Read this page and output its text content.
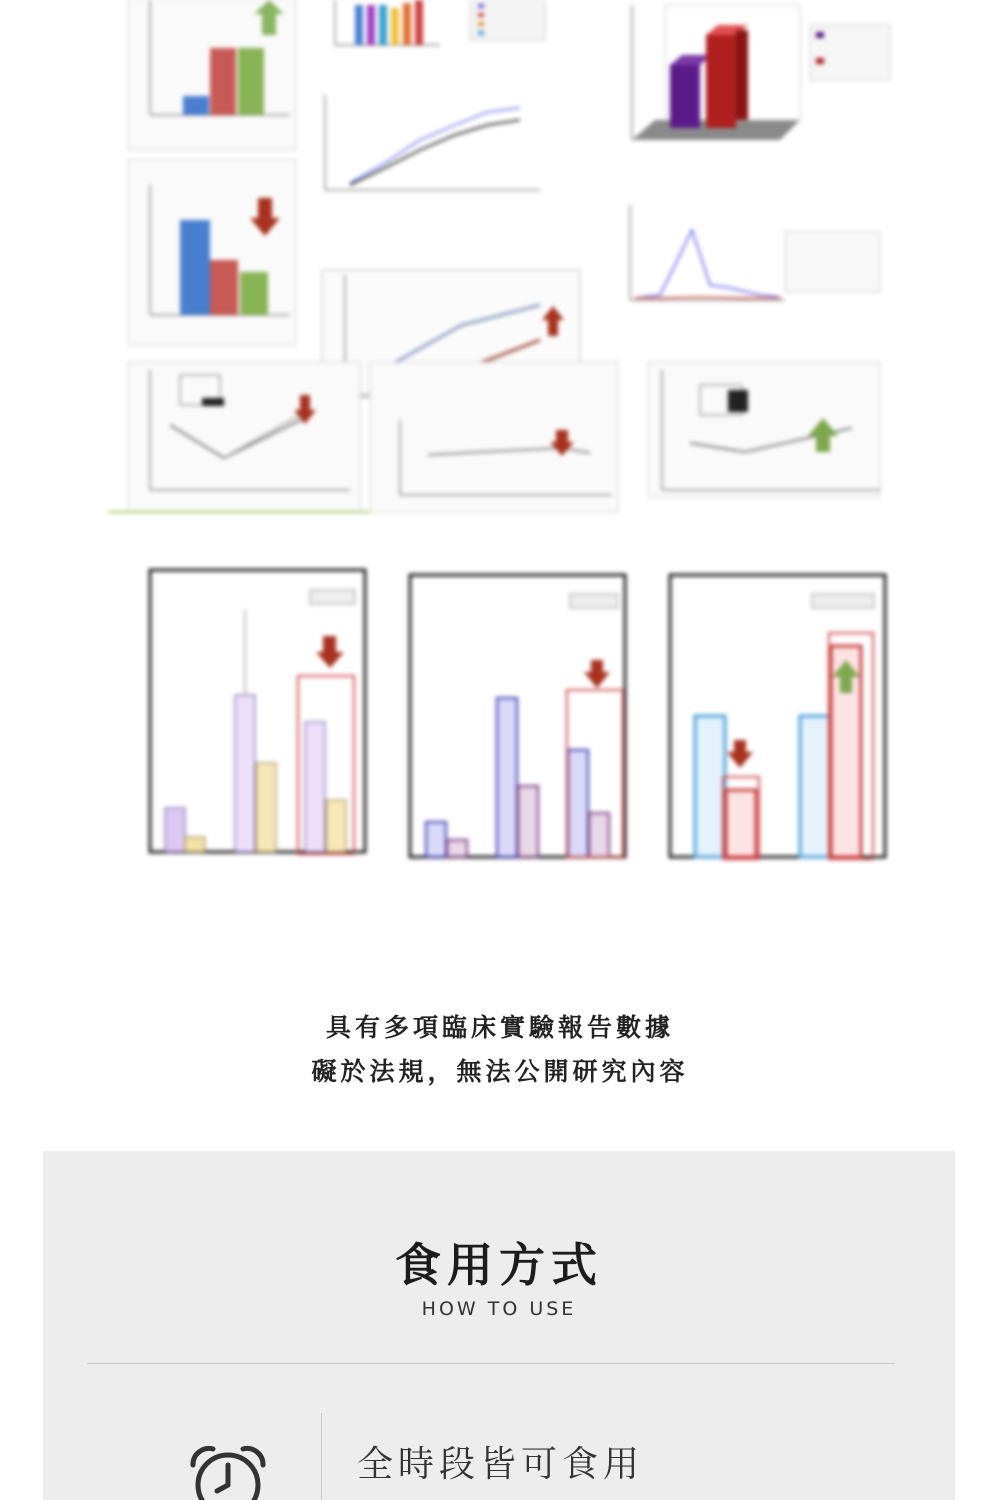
具有多項臨床實驗報告數據
礙於法規，無法公開研究內容
食用方式
HOW TO USE
全時段皆可食用
